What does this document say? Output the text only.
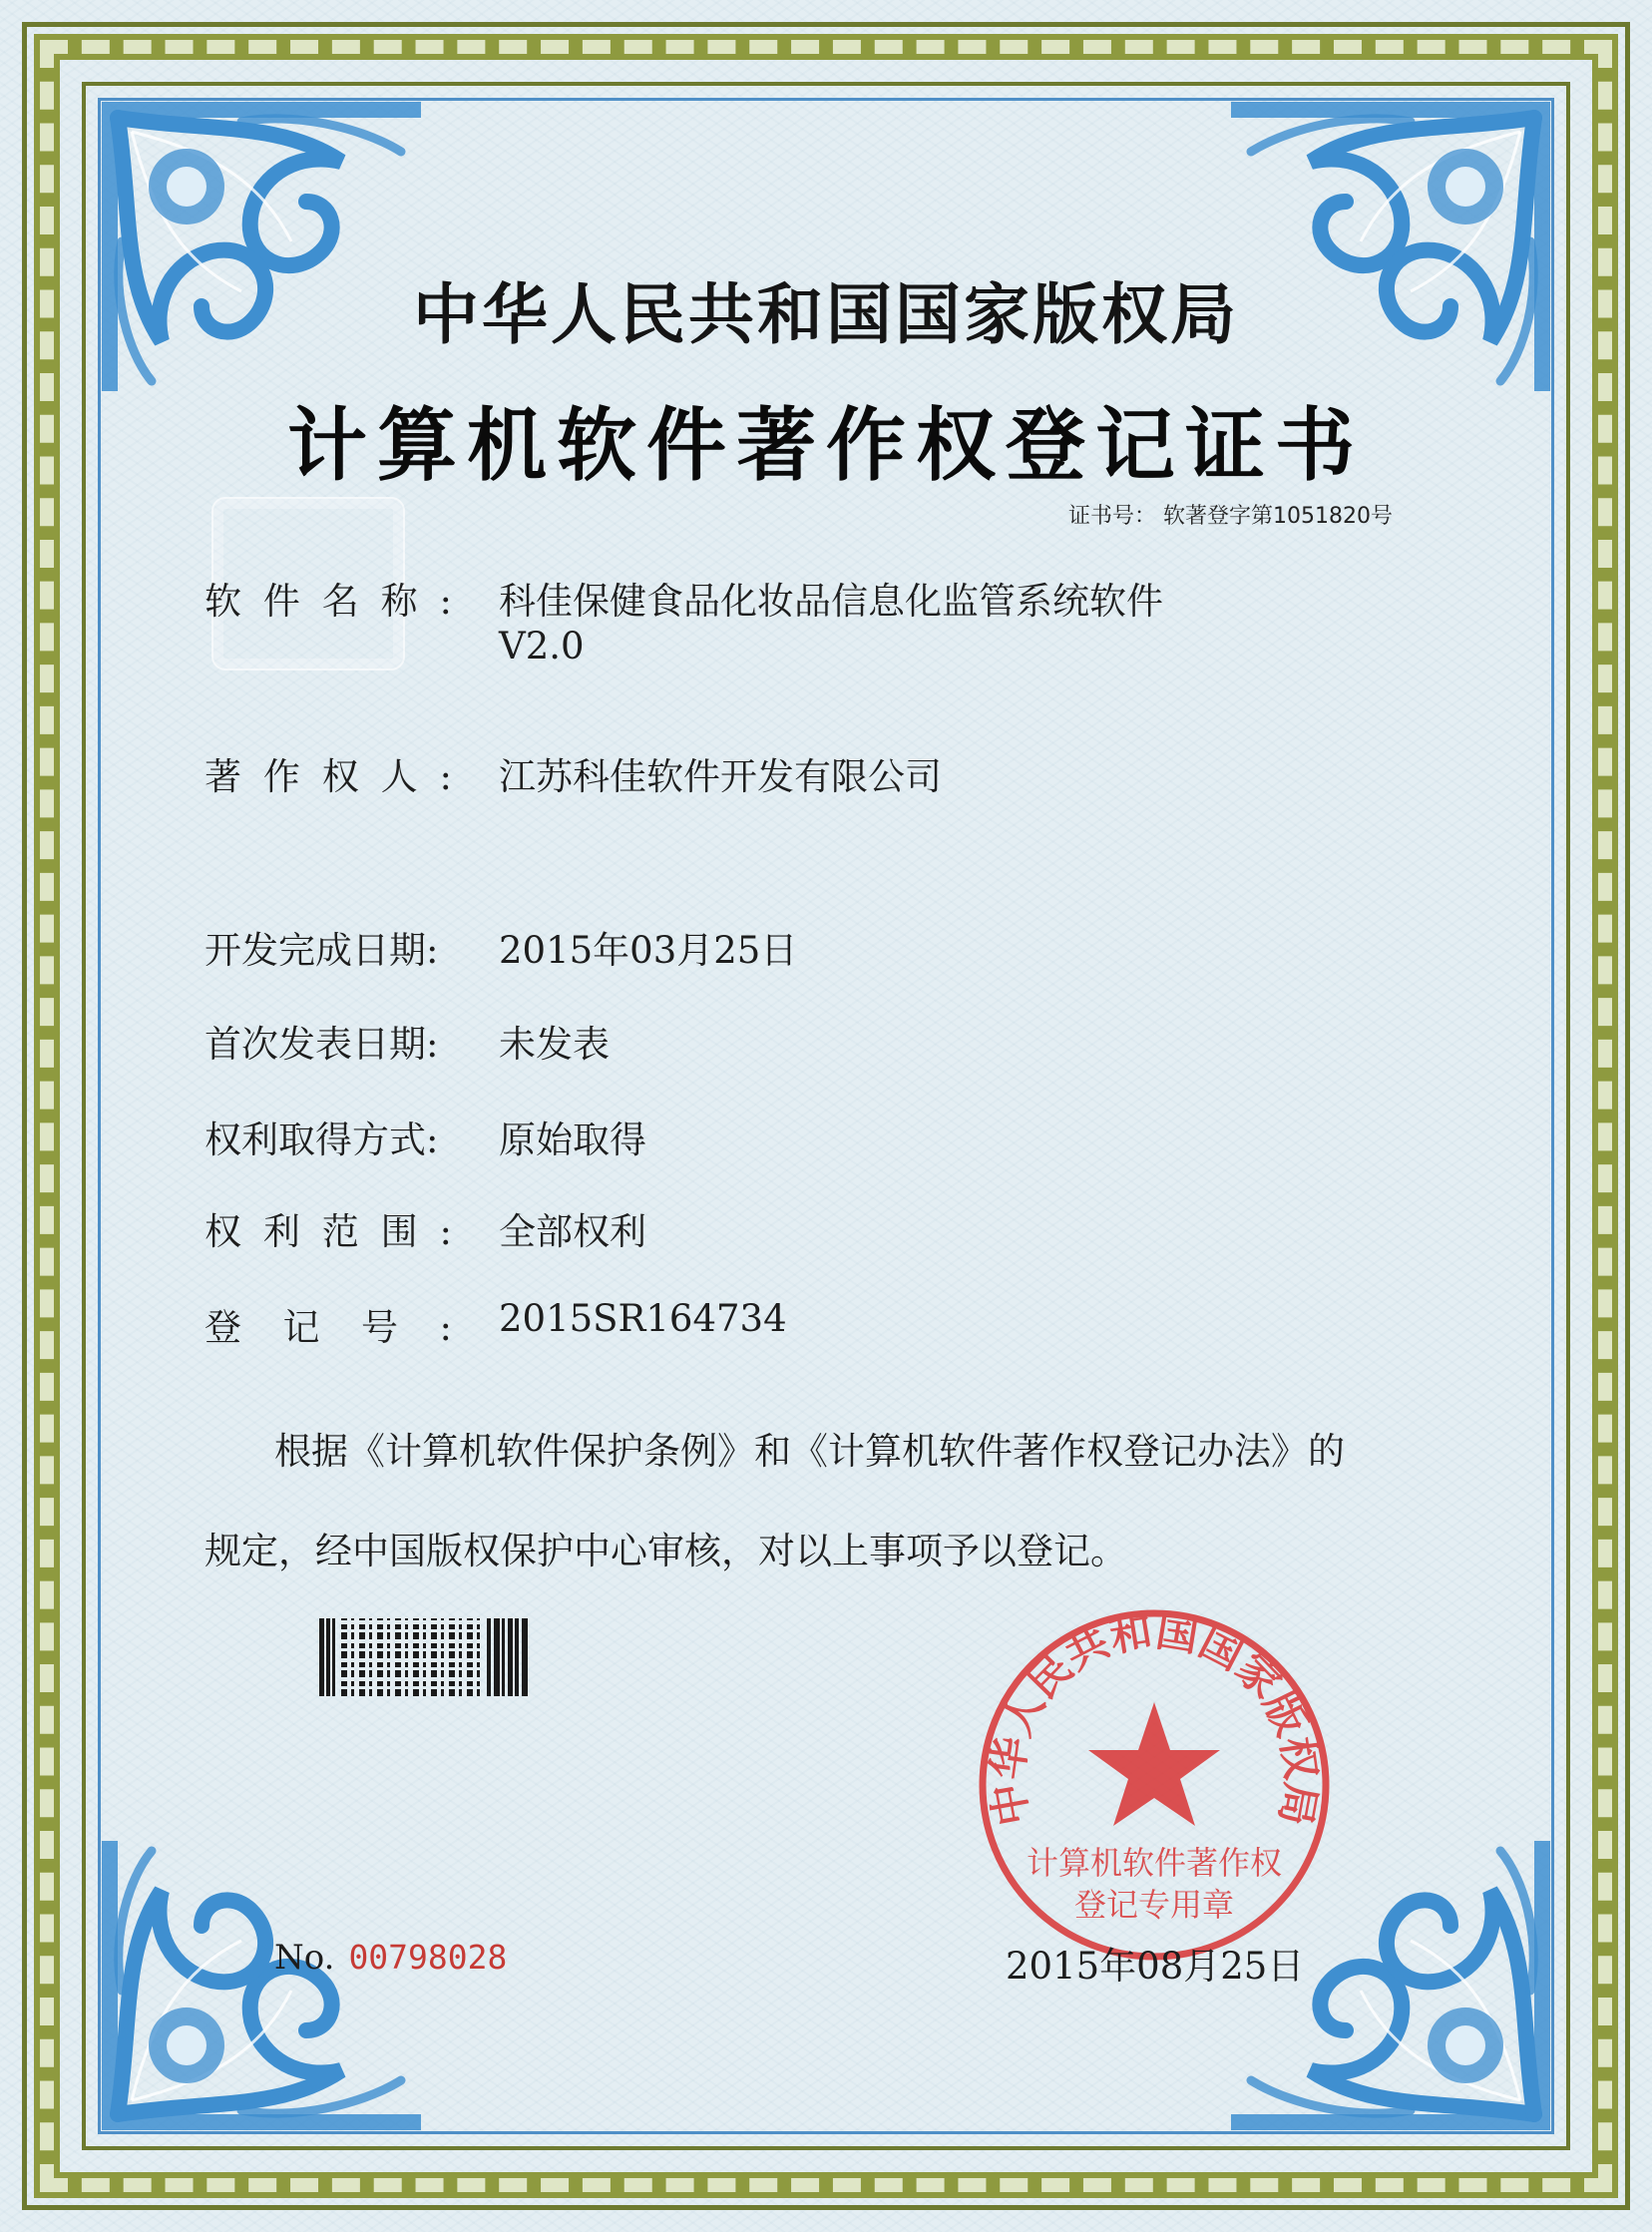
中华人民共和国国家版权局
计算机软件著作权登记证书
证书号： 软著登字第1051820号
软件名称: 科佳保健食品化妆品信息化监管系统软件
V2.0
著作权人: 江苏科佳软件开发有限公司
开发完成日期: 2015年03月25日
首次发表日期: 未发表
权利取得方式: 原始取得
权利范围: 全部权利
登记号: 2015SR164734
根据《计算机软件保护条例》和《计算机软件著作权登记办法》的
规定，经中国版权保护中心审核，对以上事项予以登记。
中华人民共和国国家版权局
计算机软件著作权
登记专用章
No. 00798028	2015年08月25日
